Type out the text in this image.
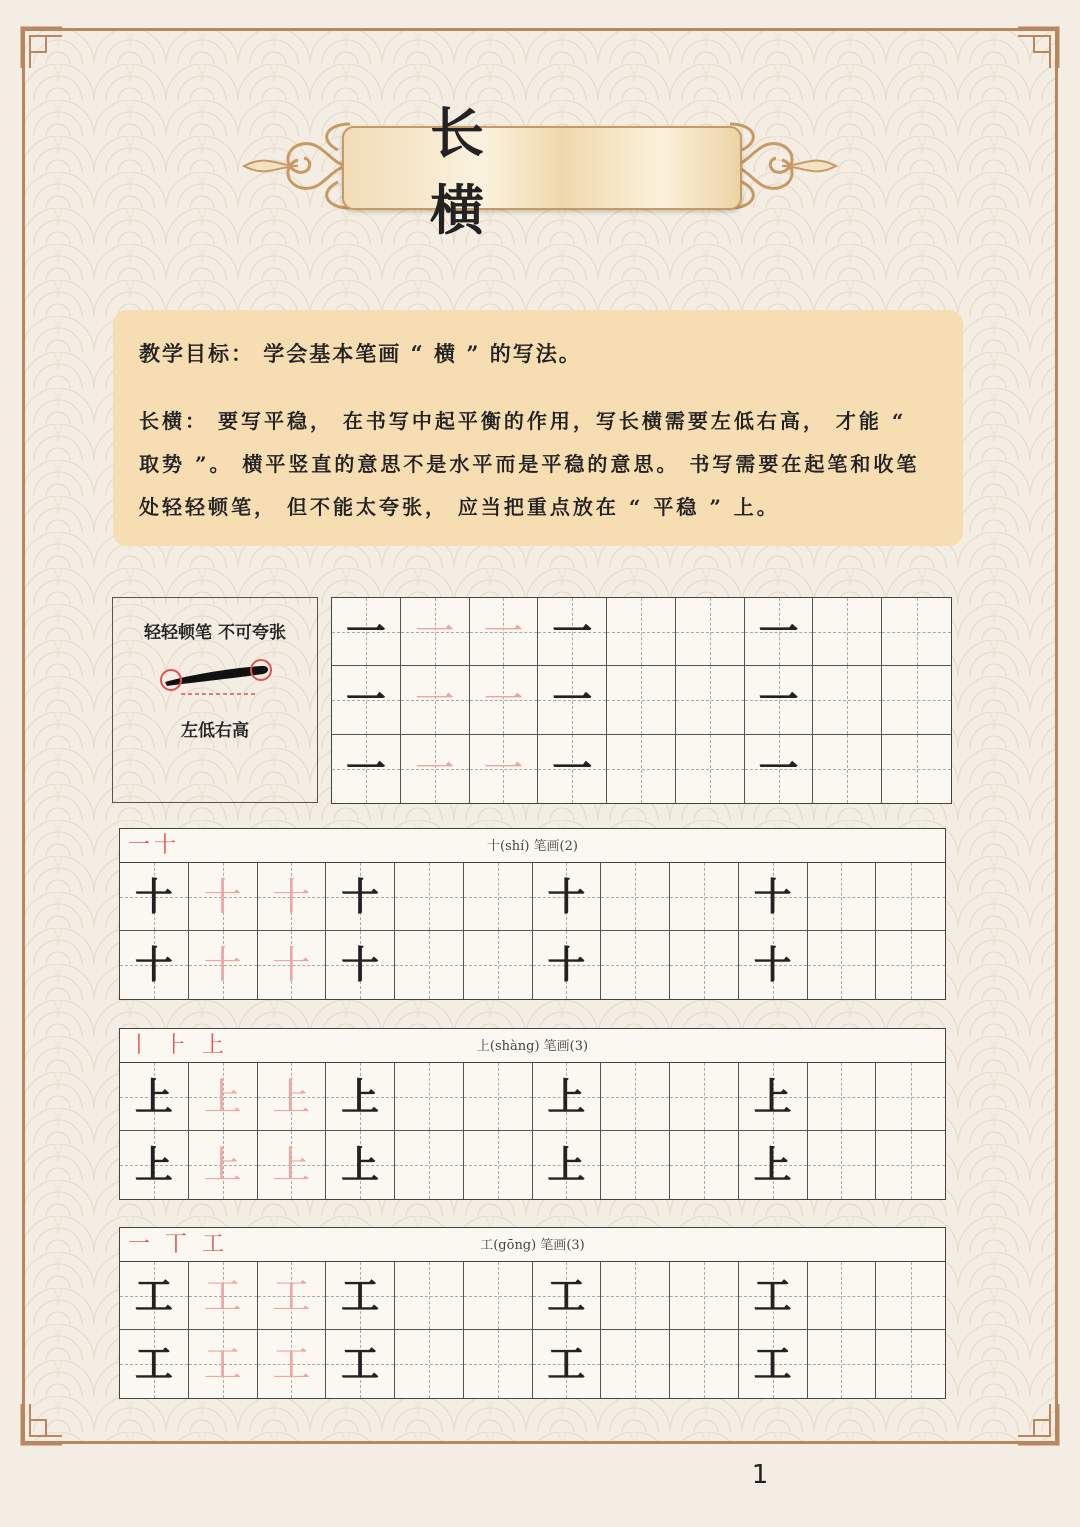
长 横
教学目标： 学会基本笔画 “ 横 ” 的写法。
长横： 要写平稳， 在书写中起平衡的作用，写长横需要左低右高， 才能 “ 取势 ”。 横平竖直的意思不是水平而是平稳的意思。 书写需要在起笔和收笔处轻轻顿笔， 但不能太夸张， 应当把重点放在 “ 平稳 ” 上。
轻轻顿笔 不可夸张
左低右高
一 一 一 一	一
一 一 一 一	一
一 一 一 一	一
一十	十(shí) 笔画(2)
十 十 十 十	十	十
十 十 十 十	十	十
丨 ⺊ 上	上(shàng) 笔画(3)
上 上 上 上	上	上
上 上 上 上	上	上
一 丅 工	工(gōng) 笔画(3)
工 工 工 工	工	工
工 工 工 工	工	工
1
